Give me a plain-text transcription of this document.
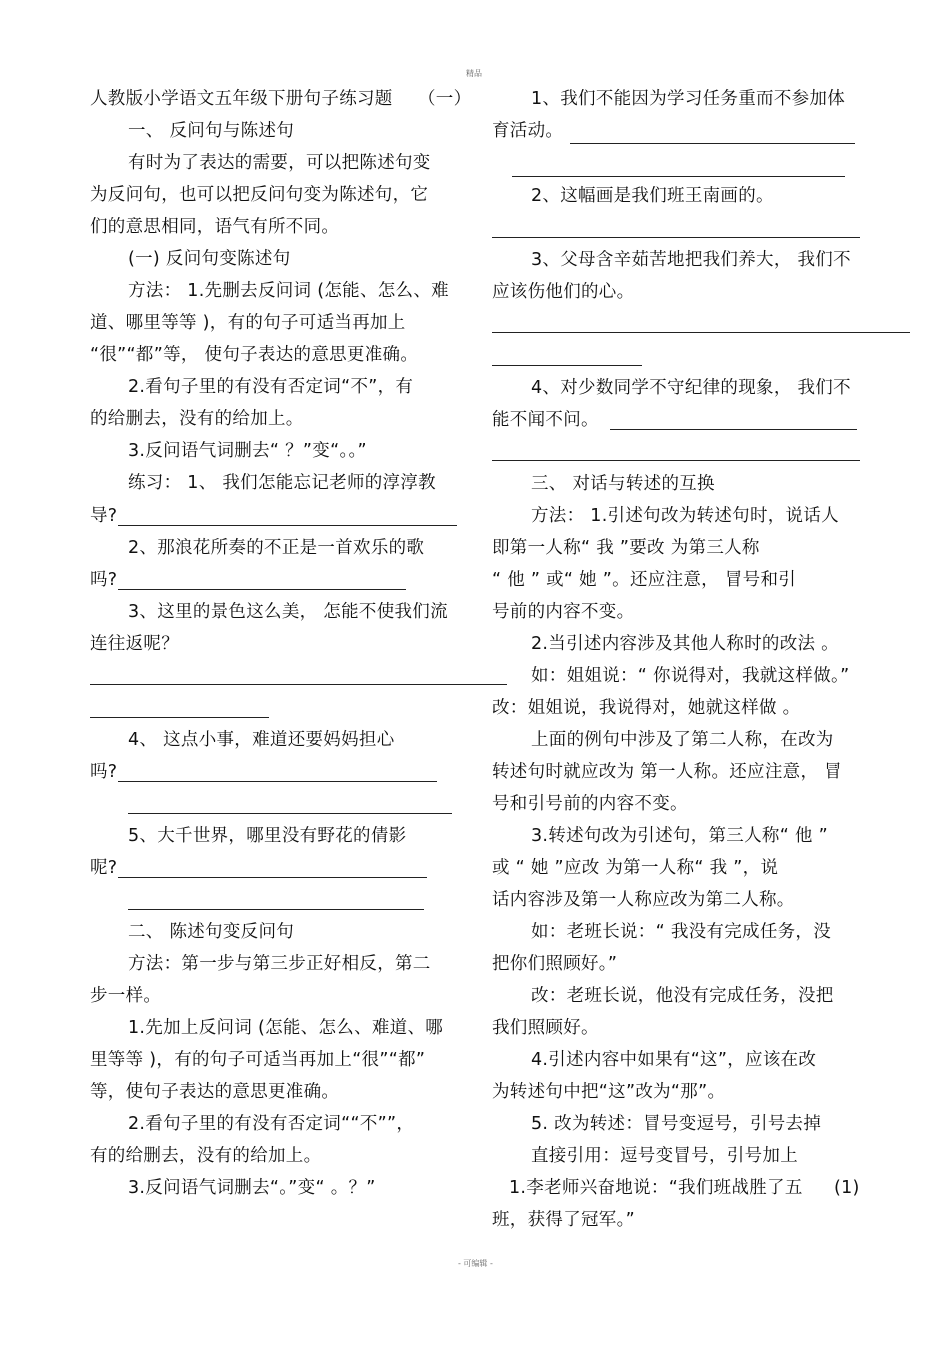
精品
- 可编辑 -
人教版小学语文五年级下册句子练习题 （一）
一、 反问句与陈述句
有时为了表达的需要，可以把陈述句变
为反问句，也可以把反问句变为陈述句，它
们的意思相同，语气有所不同。
(一) 反问句变陈述句
方法： 1.先删去反问词 (怎能、怎么、难
道、哪里等等 )，有的句子可适当再加上
“很”“都”等， 使句子表达的意思更准确。
2.看句子里的有没有否定词“不”，有
的给删去，没有的给加上。
3.反问语气词删去“ ？”变“。。”
练习： 1、 我们怎能忘记老师的淳淳教
导?
2、那浪花所奏的不正是一首欢乐的歌
吗?
3、这里的景色这么美， 怎能不使我们流
连往返呢？
4、 这点小事，难道还要妈妈担心
吗?
5、大千世界，哪里没有野花的倩影
呢?
二、 陈述句变反问句
方法：第一步与第三步正好相反，第二
步一样。
1.先加上反问词 (怎能、怎么、难道、哪
里等等 )，有的句子可适当再加上“很”“都”
等，使句子表达的意思更准确。
2.看句子里的有没有否定词““不””，
有的给删去，没有的给加上。
3.反问语气词删去“。”变“ 。？”
1、我们不能因为学习任务重而不参加体
育活动。
2、这幅画是我们班王南画的。
3、父母含辛茹苦地把我们养大， 我们不
应该伤他们的心。
4、对少数同学不守纪律的现象， 我们不
能不闻不问。
三、 对话与转述的互换
方法： 1.引述句改为转述句时，说话人
即第一人称“ 我 ”要改 为第三人称
“ 他 ” 或“ 她 ”。还应注意， 冒号和引
号前的内容不变。
2.当引述内容涉及其他人称时的改法 。
如：姐姐说：“ 你说得对，我就这样做。”
改：姐姐说，我说得对，她就这样做 。
上面的例句中涉及了第二人称，在改为
转述句时就应改为 第一人称。还应注意， 冒
号和引号前的内容不变。
3.转述句改为引述句，第三人称“ 他 ”
或 “ 她 ”应改 为第一人称“ 我 ”，说
话内容涉及第一人称应改为第二人称。
如：老班长说：“ 我没有完成任务，没
把你们照顾好。”
改：老班长说，他没有完成任务，没把
我们照顾好。
4.引述内容中如果有“这”，应该在改
为转述句中把“这”改为“那”。
5. 改为转述：冒号变逗号，引号去掉
直接引用：逗号变冒号，引号加上
1.李老师兴奋地说：“我们班战胜了五 (1)
班，获得了冠军。”
